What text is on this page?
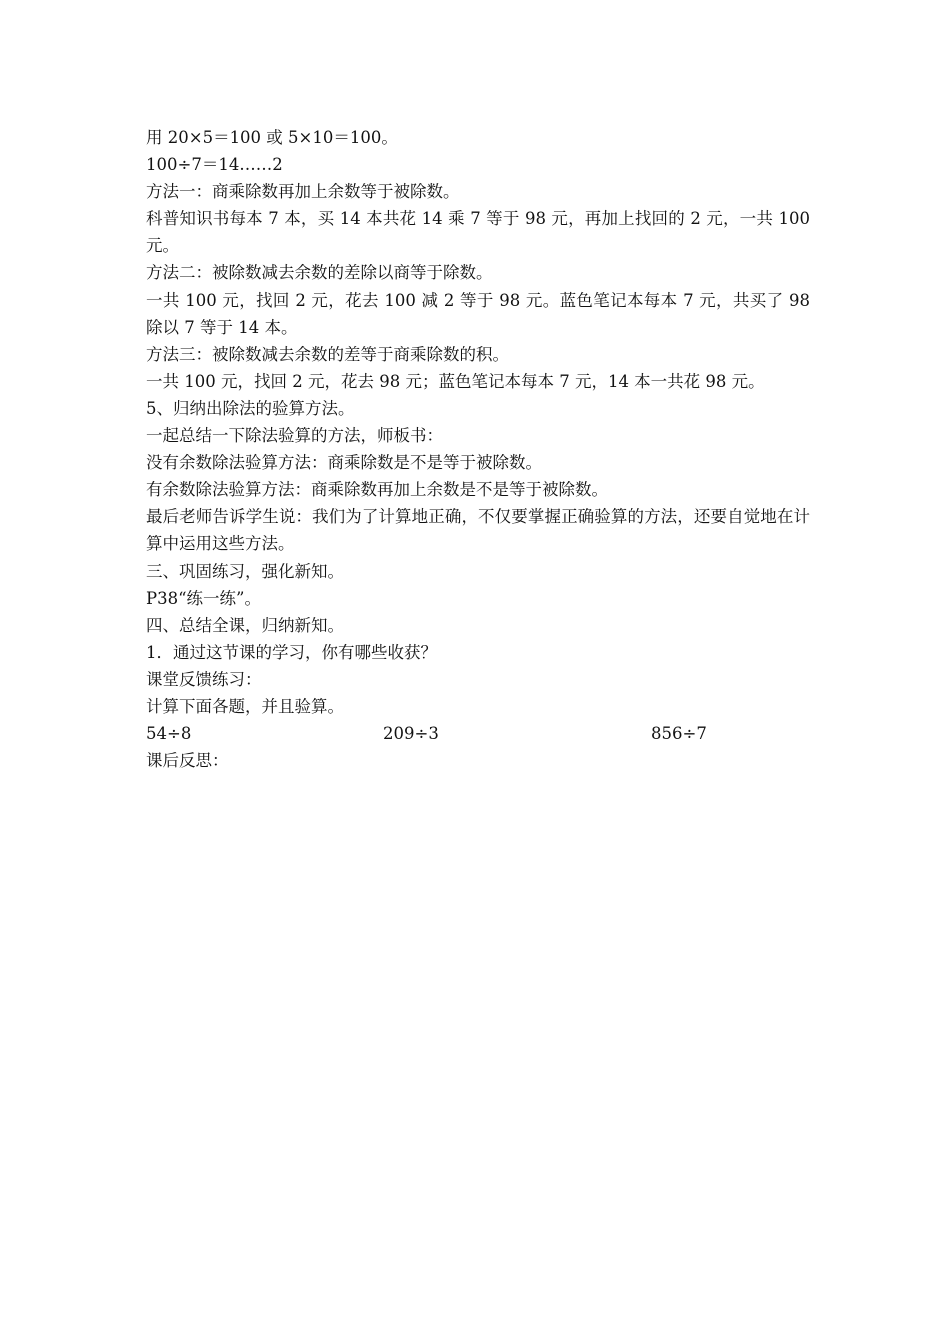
用 20×5＝100 或 5×10＝100。
100÷7＝14……2
方法一：商乘除数再加上余数等于被除数。
科普知识书每本 7 本，买 14 本共花 14 乘 7 等于 98 元，再加上找回的 2 元，一共 100 元。
方法二：被除数减去余数的差除以商等于除数。
一共 100 元，找回 2 元，花去 100 减 2 等于 98 元。蓝色笔记本每本 7 元，共买了 98 除以 7 等于 14 本。
方法三：被除数减去余数的差等于商乘除数的积。
一共 100 元，找回 2 元，花去 98 元；蓝色笔记本每本 7 元，14 本一共花 98 元。
5、归纳出除法的验算方法。
一起总结一下除法验算的方法，师板书：
没有余数除法验算方法：商乘除数是不是等于被除数。
有余数除法验算方法：商乘除数再加上余数是不是等于被除数。
最后老师告诉学生说：我们为了计算地正确，不仅要掌握正确验算的方法，还要自觉地在计算中运用这些方法。
三、巩固练习，强化新知。
P38“练一练”。
四、总结全课，归纳新知。
1．通过这节课的学习，你有哪些收获？
课堂反馈练习：
计算下面各题，并且验算。
54÷8	209÷3	856÷7
课后反思：
